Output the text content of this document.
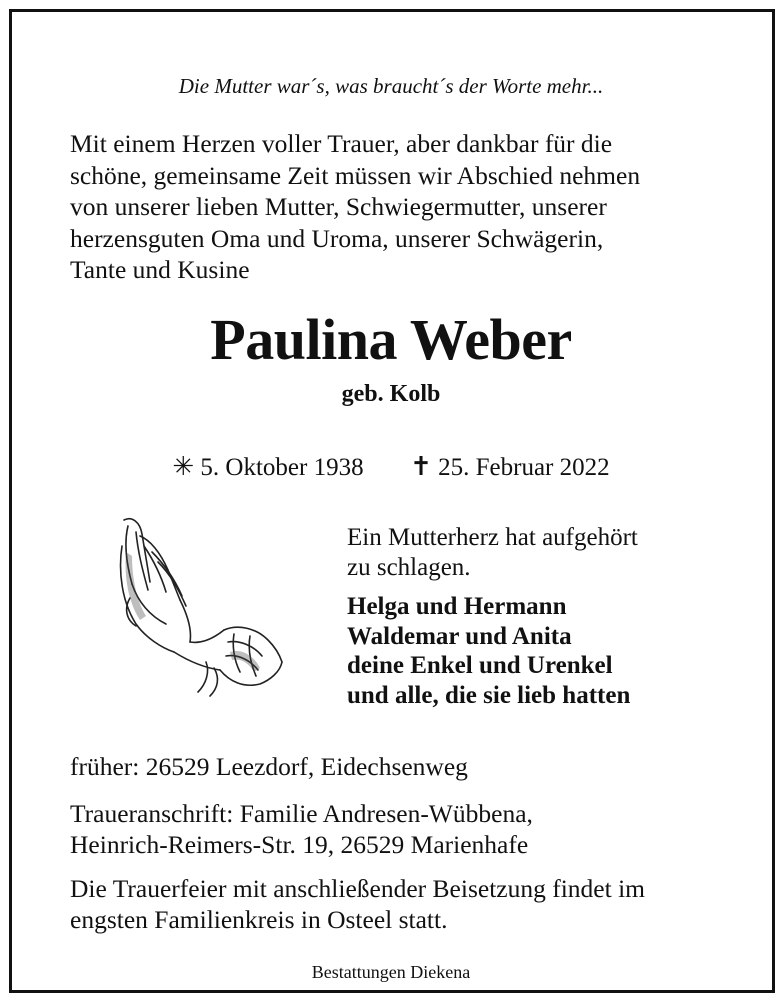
Die Mutter war´s, was braucht´s der Worte mehr...
Mit einem Herzen voller Trauer, aber dankbar für die
schöne, gemeinsame Zeit müssen wir Abschied nehmen
von unserer lieben Mutter, Schwiegermutter, unserer
herzensguten Oma und Uroma, unserer Schwägerin,
Tante und Kusine
Paulina Weber
geb. Kolb
✳ 5. Oktober 1938 ✝ 25. Februar 2022
Ein Mutterherz hat aufgehört
zu schlagen.
Helga und Hermann
Waldemar und Anita
deine Enkel und Urenkel
und alle, die sie lieb hatten
früher: 26529 Leezdorf, Eidechsenweg
Traueranschrift: Familie Andresen-Wübbena,
Heinrich-Reimers-Str. 19, 26529 Marienhafe
Die Trauerfeier mit anschließender Beisetzung findet im
engsten Familienkreis in Osteel statt.
Bestattungen Diekena
